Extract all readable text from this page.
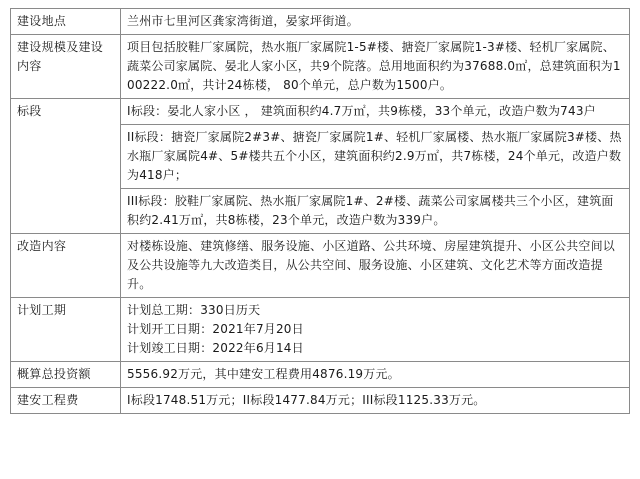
建设地点	兰州市七里河区龚家湾街道，晏家坪街道。

建设规模及建设内容	项目包括胶鞋厂家属院，热水瓶厂家属院1-5#楼、搪瓷厂家属院1-3#楼、轻机厂家属院、蔬菜公司家属院、晏北人家小区，共9个院落。总用地面积约为37688.0㎡，总建筑面积为100222.0㎡，共计24栋楼， 80个单元，总户数为1500户。

标段	I标段：晏北人家小区 ， 建筑面积约4.7万㎡，共9栋楼，33个单元，改造户数为743户

	II标段：搪瓷厂家属院2#3#、搪瓷厂家属院1#、轻机厂家属楼、热水瓶厂家属院3#楼、热水瓶厂家属院4#、5#楼共五个小区，建筑面积约2.9万㎡，共7栋楼，24个单元，改造户数为418户；

	III标段：胶鞋厂家属院、热水瓶厂家属院1#、2#楼、蔬菜公司家属楼共三个小区，建筑面积约2.41万㎡，共8栋楼，23个单元，改造户数为339户。

改造内容	对楼栋设施、建筑修缮、服务设施、小区道路、公共环境、房屋建筑提升、小区公共空间以及公共设施等九大改造类目，从公共空间、服务设施、小区建筑、文化艺术等方面改造提升。

计划工期	计划总工期：330日历天
计划开工日期：2021年7月20日
计划竣工日期：2022年6月14日

概算总投资额	5556.92万元，其中建安工程费用4876.19万元。

建安工程费	I标段1748.51万元；II标段1477.84万元；III标段1125.33万元。
